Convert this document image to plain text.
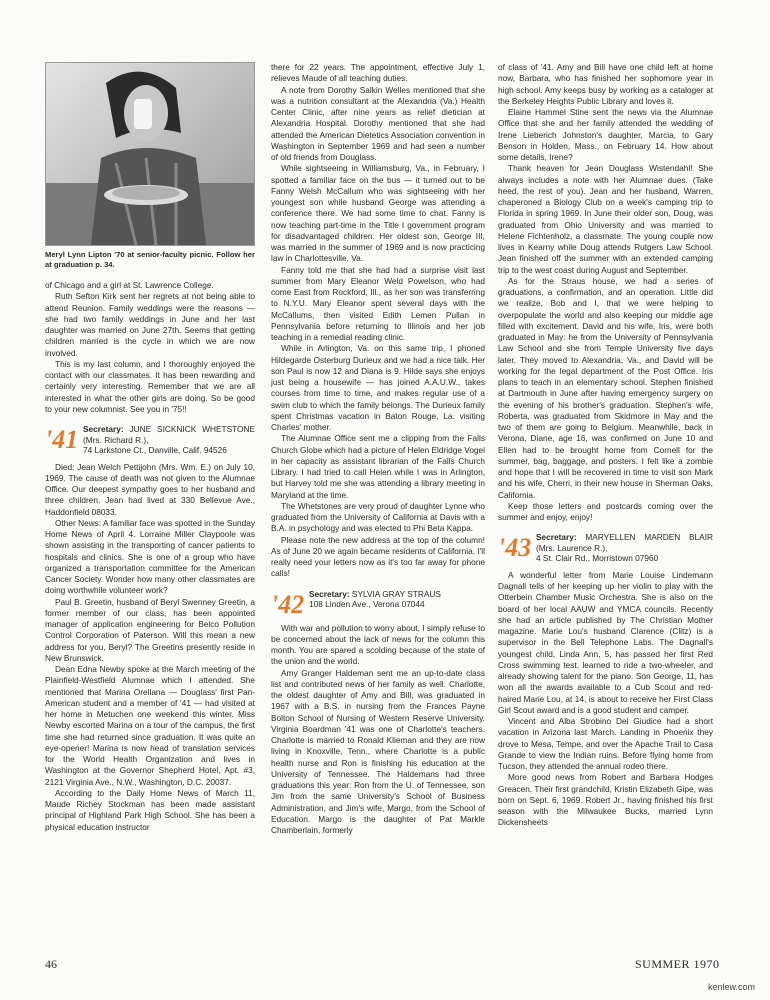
Meryl Lynn Lipton '70 at senior-faculty picnic. Follow her at graduation p. 34.

of Chicago and a girl at St. Lawrence College.

Ruth Sefton Kirk sent her regrets at not being able to attend Reunion. Family weddings were the reasons — she had two family weddings in June and her last daughter was married on June 27th. Seems that getting children married is the cycle in which we are now involved.

This is my last column, and I thoroughly enjoyed the contact with our classmates. It has been rewarding and certainly very interesting. Remember that we are all interested in what the other girls are doing. So be good to your new columnist. See you in '75!!

'41 Secretary: JUNE SICKNICK WHETSTONE (Mrs. Richard R.),
74 Larkstone Ct., Danville, Calif. 94526

Died: Jean Welch Pettijohn (Mrs. Wm. E.) on July 10, 1969. The cause of death was not given to the Alumnae Office. Our deepest sympathy goes to her husband and three children. Jean had lived at 330 Bellevue Ave., Haddonfield 08033.

Other News: A familiar face was spotted in the Sunday Home News of April 4. Lorraine Miller Claypoole was shown assisting in the transporting of cancer patients to hospitals and clinics. She is one of a group who have organized a transportation committee for the American Cancer Society. Wonder how many other classmates are doing worthwhile volunteer work?

Paul B. Greetin, husband of Beryl Swenney Greetin, a former member of our class, has been appointed manager of application engineering for Belco Pollution Control Corporation of Paterson. Will this mean a new address for you, Beryl? The Greetins presently reside in New Brunswick.

Dean Edna Newby spoke at the March meeting of the Plainfield-Westfield Alumnae which I attended. She mentioned that Marina Orellana — Douglass' first Pan-American student and a member of '41 — had visited at her home in Metuchen one weekend this winter. Miss Newby escorted Marina on a tour of the campus, the first time she had returned since graduation. It was quite an eye-opener! Marina is now head of translation services for the World Health Organization and lives in Washington at the Governor Shepherd Hotel, Apt. #3, 2121 Virginia Ave., N.W., Washington, D.C. 20037.

According to the Daily Home News of March 11, Maude Richey Stockman has been made assistant principal of Highland Park High School. She has been a physical education instructor

there for 22 years. The appointment, effective July 1, relieves Maude of all teaching duties.

A note from Dorothy Salkin Welles mentioned that she was a nutrition consultant at the Alexandria (Va.) Health Center Clinic, after nine years as relief dietician at Alexandria Hospital. Dorothy mentioned that she had attended the American Dietetics Association convention in Washington in September 1969 and had seen a number of old friends from Douglass.

While sightseeing in Williamsburg, Va., in February, I spotted a familiar face on the bus — it turned out to be Fanny Welsh McCallum who was sightseeing with her youngest son while husband George was attending a conference there. We had some time to chat. Fanny is now teaching part-time in the Title I government program for disadvantaged children. Her oldest son, George III, was married in the summer of 1969 and is now practicing law in Charlottesville, Va.

Fanny told me that she had had a surprise visit last summer from Mary Eleanor Weld Powelson, who had come East from Rockford, Ill., as her son was transferring to N.Y.U. Mary Eleanor spent several days with the McCallums, then visited Edith Lemen Pullan in Pennsylvania before returning to Illinois and her job teaching in a remedial reading clinic.

While in Arlington, Va. on this same trip, I phoned Hildegarde Osterburg Durieux and we had a nice talk. Her son Paul is now 12 and Diana is 9. Hilde says she enjoys just being a housewife — has joined A.A.U.W., takes courses from time to time, and makes regular use of a swim club to which the family belongs. The Durieux family spent Christmas vacation in Baton Rouge, La. visiting Charles' mother.

The Alumnae Office sent me a clipping from the Falls Church Globe which had a picture of Helen Eldridge Vogel in her capacity as assistant librarian of the Falls Church Library. I had tried to call Helen while I was in Arlington, but Harvey told me she was attending a library meeting in Maryland at the time.

The Whetstones are very proud of daughter Lynne who graduated from the University of California at Davis with a B.A. in psychology and was elected to Phi Beta Kappa.

Please note the new address at the top of the column! As of June 20 we again became residents of California. I'll really need your letters now as it's too far away for phone calls!

'42 Secretary: SYLVIA GRAY STRAUS
108 Linden Ave., Verona 07044

With war and pollution to worry about, I simply refuse to be concerned about the lack of news for the column this month. You are spared a scolding because of the state of the union and the world.

Amy Granger Haldeman sent me an up-to-date class list and contributed news of her family as well. Charlotte, the oldest daughter of Amy and Bill, was graduated in 1967 with a B.S. in nursing from the Frances Payne Bolton School of Nursing of Western Reserve University. Virginia Boardman '41 was one of Charlotte's teachers. Charlotte is married to Ronald Klieman and they are now living in Knoxville, Tenn., where Charlotte is a public health nurse and Ron is finishing his education at the University of Tennessee. The Haldemans had three graduations this year: Ron from the U. of Tennessee, son Jim from the same University's School of Business Administration, and Jim's wife, Margo, from the School of Education. Margo is the daughter of Pat Markle Chamberlain, formerly

of class of '41. Amy and Bill have one child left at home now, Barbara, who has finished her sophomore year in high school. Amy keeps busy by working as a cataloger at the Berkeley Heights Public Library and loves it.

Elaine Hammel Stine sent the news via the Alumnae Office that she and her family attended the wedding of Irene Lieberich Johnston's daughter, Marcia, to Gary Benson in Holden, Mass., on February 14. How about some details, Irene?

Thank heaven for Jean Douglass Wistendahl! She always includes a note with her Alumnae dues. (Take heed, the rest of you). Jean and her husband, Warren, chaperoned a Biology Club on a week's camping trip to Florida in spring 1969. In June their older son, Doug, was graduated from Ohio University and was married to Helene Fichtenholz, a classmate. The young couple now lives in Kearny while Doug attends Rutgers Law School. Jean finished off the summer with an extended camping trip to the west coast during August and September.

As for the Straus house, we had a series of graduations, a confirmation, and an operation. Little did we realize, Bob and I, that we were helping to overpopulate the world and also keeping our middle age filled with excitement. David and his wife, Iris, were both graduated in May: he from the University of Pennsylvania Law School and she from Temple University five days later. They moved to Alexandria, Va., and David will be working for the legal department of the Post Office. Iris plans to teach in an elementary school. Stephen finished at Dartmouth in June after having emergency surgery on the evening of his brother's graduation. Stephen's wife, Roberta, was graduated from Skidmore in May and the two of them are going to Belgium. Meanwhile, back in Verona, Diane, age 16, was confirmed on June 10 and Ellen had to be brought home from Cornell for the summer, bag, baggage, and posters. I felt like a zombie and hope that I will be recovered in time to visit son Mark and his wife, Cherri, in their new house in Sherman Oaks, California.

Keep those letters and postcards coming over the summer and enjoy, enjoy!

'43 Secretary: MARYELLEN MARDEN BLAIR (Mrs. Laurence R.),
4 St. Clair Rd., Morristown 07960

A wonderful letter from Marie Louise Lindemann Dagnall tells of her keeping up her violin to play with the Otterbein Chamber Music Orchestra. She is also on the board of her local AAUW and YMCA councils. Recently she had an article published by The Christian Mother magazine. Marie Lou's husband Clarence (Clitz) is a supervisor in the Bell Telephone Labs. The Dagnall's youngest child, Linda Ann, 5, has passed her first Red Cross swimming test, learned to ride a two-wheeler, and already showing talent for the piano. Son George, 11, has won all the awards available to a Cub Scout and red-haired Marie Lou, at 14, is about to receive her First Class Girl Scout award and is a good student and camper.

Vincent and Alba Strobino Del Giudice had a short vacation in Arizona last March. Landing in Phoenix they drove to Mesa, Tempe, and over the Apache Trail to Casa Grande to view the Indian ruins. Before flying home from Tucson, they attended the annual rodeo there.

More good news from Robert and Barbara Hodges Greacen. Their first grandchild, Kristin Elizabeth Gipe, was born on Sept. 6, 1969. Robert Jr., having finished his first season with the Milwaukee Bucks, married Lynn Dickensheets

46	SUMMER 1970
kenlew.com
